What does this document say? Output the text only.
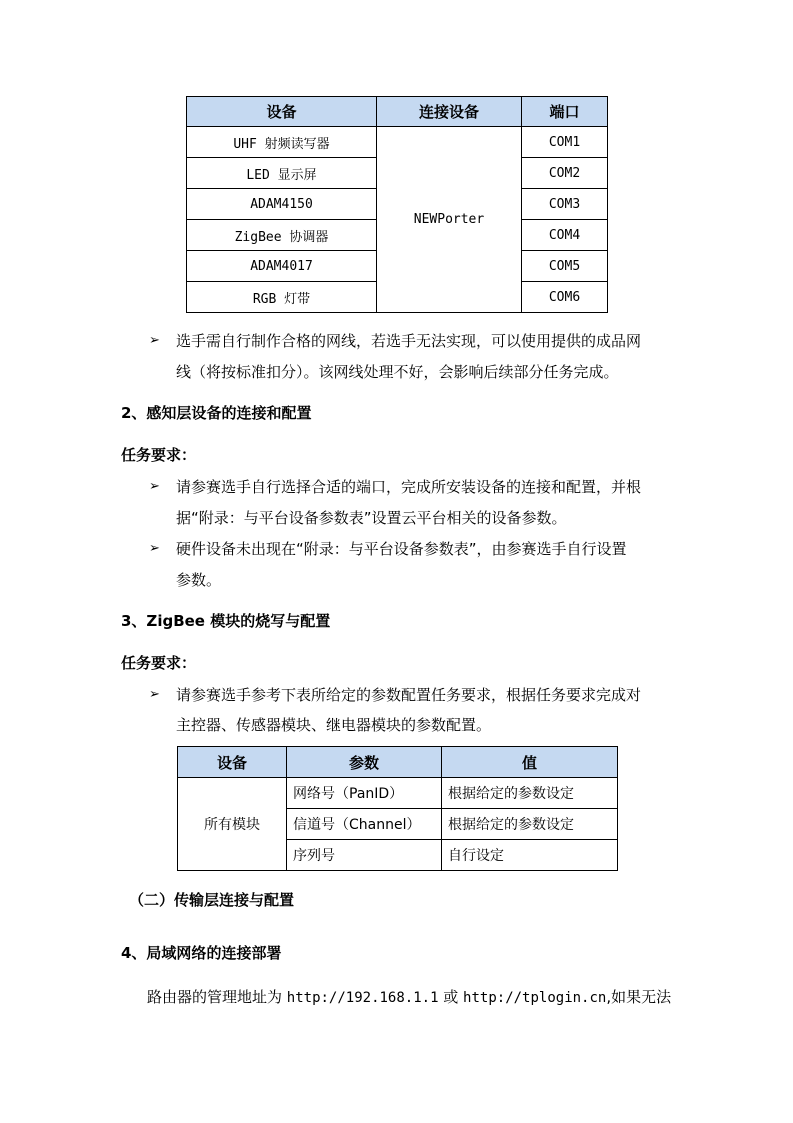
设备	连接设备	端口
UHF 射频读写器	NEWPorter	COM1
LED 显示屏		COM2
ADAM4150		COM3
ZigBee 协调器		COM4
ADAM4017		COM5
RGB 灯带		COM6
➢ 选手需自行制作合格的网线，若选手无法实现，可以使用提供的成品网
线（将按标准扣分）。该网线处理不好，会影响后续部分任务完成。
2、感知层设备的连接和配置
任务要求：
➢ 请参赛选手自行选择合适的端口，完成所安装设备的连接和配置，并根
据“附录：与平台设备参数表”设置云平台相关的设备参数。
➢ 硬件设备未出现在“附录：与平台设备参数表”，由参赛选手自行设置
参数。
3、ZigBee 模块的烧写与配置
任务要求：
➢ 请参赛选手参考下表所给定的参数配置任务要求，根据任务要求完成对
主控器、传感器模块、继电器模块的参数配置。
设备	参数	值
所有模块	网络号（PanID）	根据给定的参数设定
	信道号（Channel）	根据给定的参数设定
	序列号	自行设定
（二）传输层连接与配置
4、局域网络的连接部署
路由器的管理地址为 http://192.168.1.1 或 http://tplogin.cn,如果无法
